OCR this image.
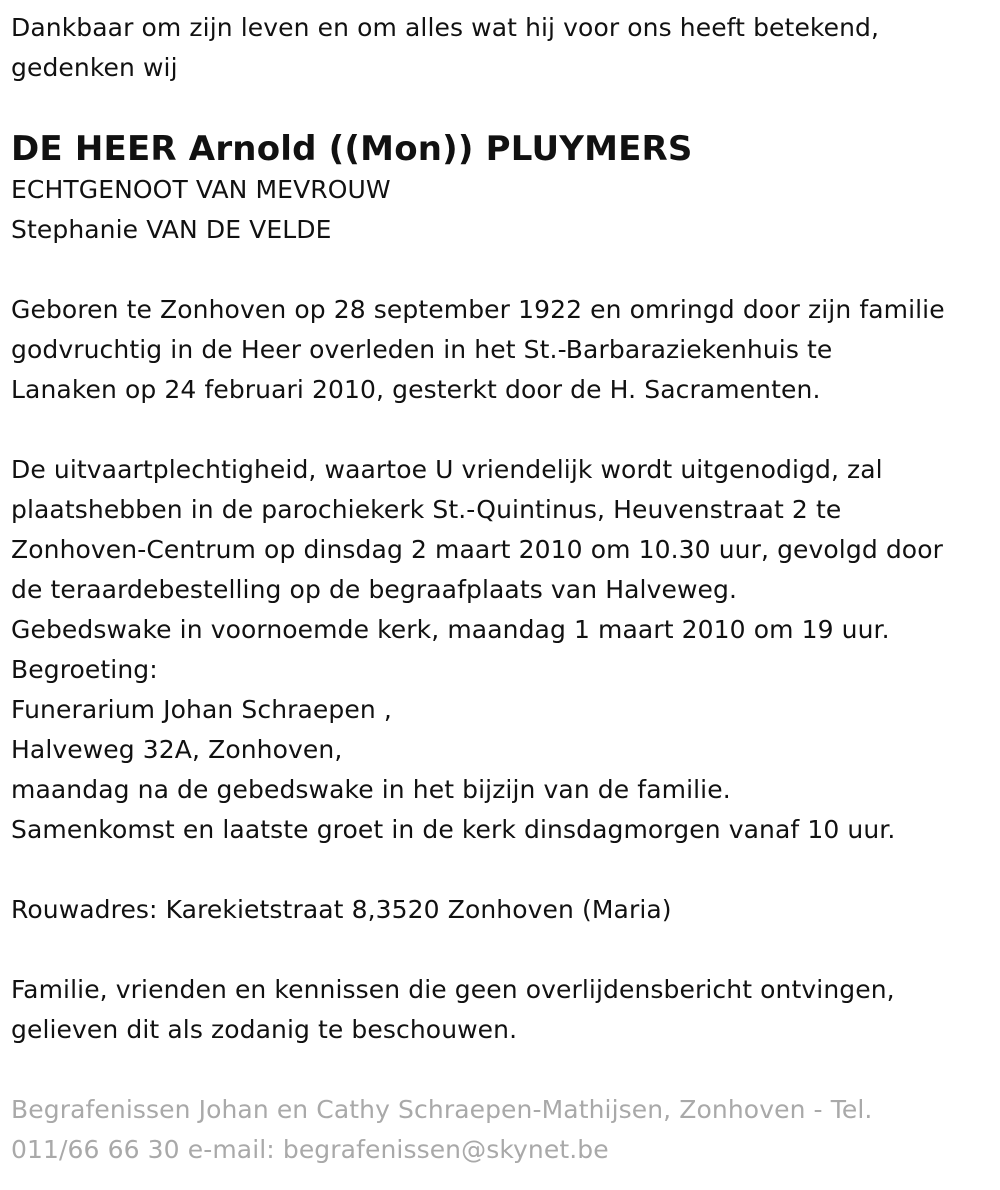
Dankbaar om zijn leven en om alles wat hij voor ons heeft betekend,
gedenken wij
DE HEER Arnold ((Mon)) PLUYMERS
ECHTGENOOT VAN MEVROUW
Stephanie VAN DE VELDE
Geboren te Zonhoven op 28 september 1922 en omringd door zijn familie
godvruchtig in de Heer overleden in het St.-Barbaraziekenhuis te
Lanaken op 24 februari 2010, gesterkt door de H. Sacramenten.
De uitvaartplechtigheid, waartoe U vriendelijk wordt uitgenodigd, zal
plaatshebben in de parochiekerk St.-Quintinus, Heuvenstraat 2 te
Zonhoven-Centrum op dinsdag 2 maart 2010 om 10.30 uur, gevolgd door
de teraardebestelling op de begraafplaats van Halveweg.
Gebedswake in voornoemde kerk, maandag 1 maart 2010 om 19 uur.
Begroeting:
Funerarium Johan Schraepen ,
Halveweg 32A, Zonhoven,
maandag na de gebedswake in het bijzijn van de familie.
Samenkomst en laatste groet in de kerk dinsdagmorgen vanaf 10 uur.
Rouwadres: Karekietstraat 8,3520 Zonhoven (Maria)
Familie, vrienden en kennissen die geen overlijdensbericht ontvingen,
gelieven dit als zodanig te beschouwen.
Begrafenissen Johan en Cathy Schraepen-Mathijsen, Zonhoven - Tel.
011/66 66 30 e-mail: begrafenissen@skynet.be
